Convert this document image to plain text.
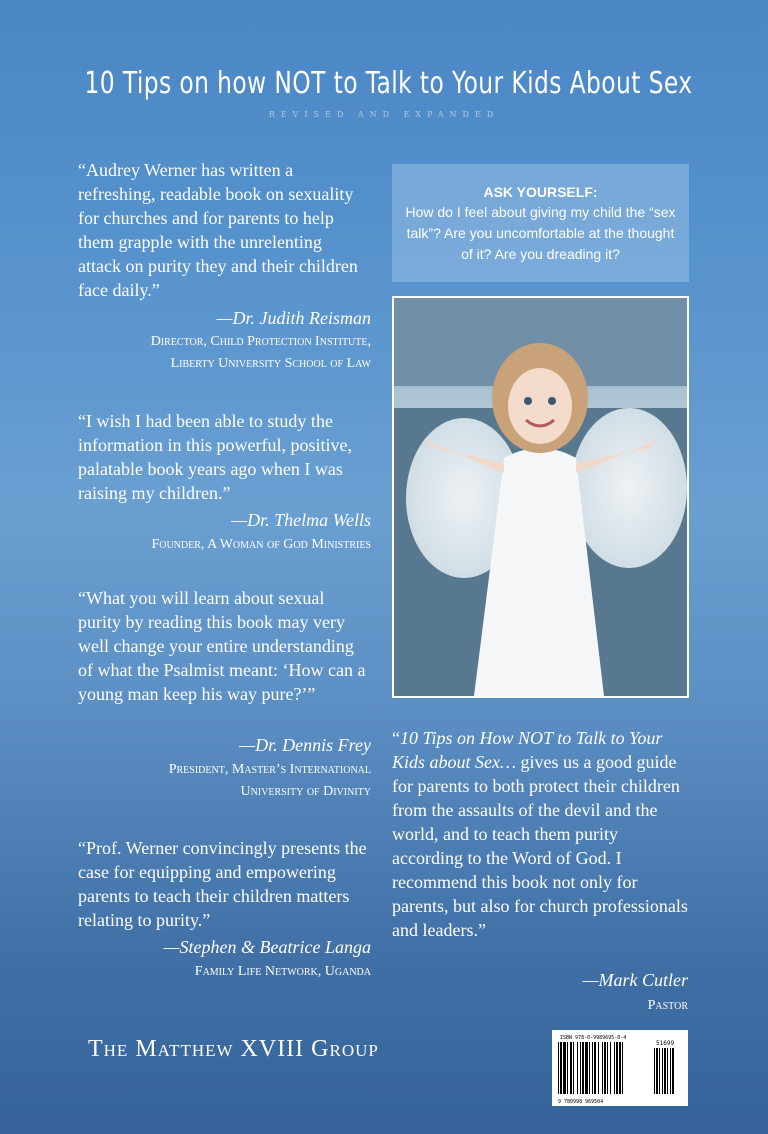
10 Tips on how NOT to Talk to Your Kids About Sex
REVISED AND EXPANDED
“Audrey Werner has written a refreshing, readable book on sexuality for churches and for parents to help them grapple with the unrelenting attack on purity they and their children face daily.”
—Dr. Judith Reisman
Director, Child Protection Institute,
Liberty University School of Law
“I wish I had been able to study the information in this powerful, positive, palatable book years ago when I was raising my children.”
—Dr. Thelma Wells
Founder, A Woman of God Ministries
“What you will learn about sexual purity by reading this book may very well change your entire understanding of what the Psalmist meant: ‘How can a young man keep his way pure?’”
—Dr. Dennis Frey
President, Master’s International
University of Divinity
“Prof. Werner convincingly presents the case for equipping and empowering parents to teach their children matters relating to purity.”
—Stephen & Beatrice Langa
Family Life Network, Uganda
ASK YOURSELF:
How do I feel about giving my child the “sex talk”? Are you uncomfortable at the thought of it? Are you dreading it?
“10 Tips on How NOT to Talk to Your Kids about Sex… gives us a good guide for parents to both protect their children from the assaults of the devil and the world, and to teach them purity according to the Word of God. I recommend this book not only for parents, but also for church professionals and leaders.”
—Mark Cutler
Pastor
The Matthew XVIII Group	ISBN 978-0-9989695-0-4
51699
9 780998 969504
